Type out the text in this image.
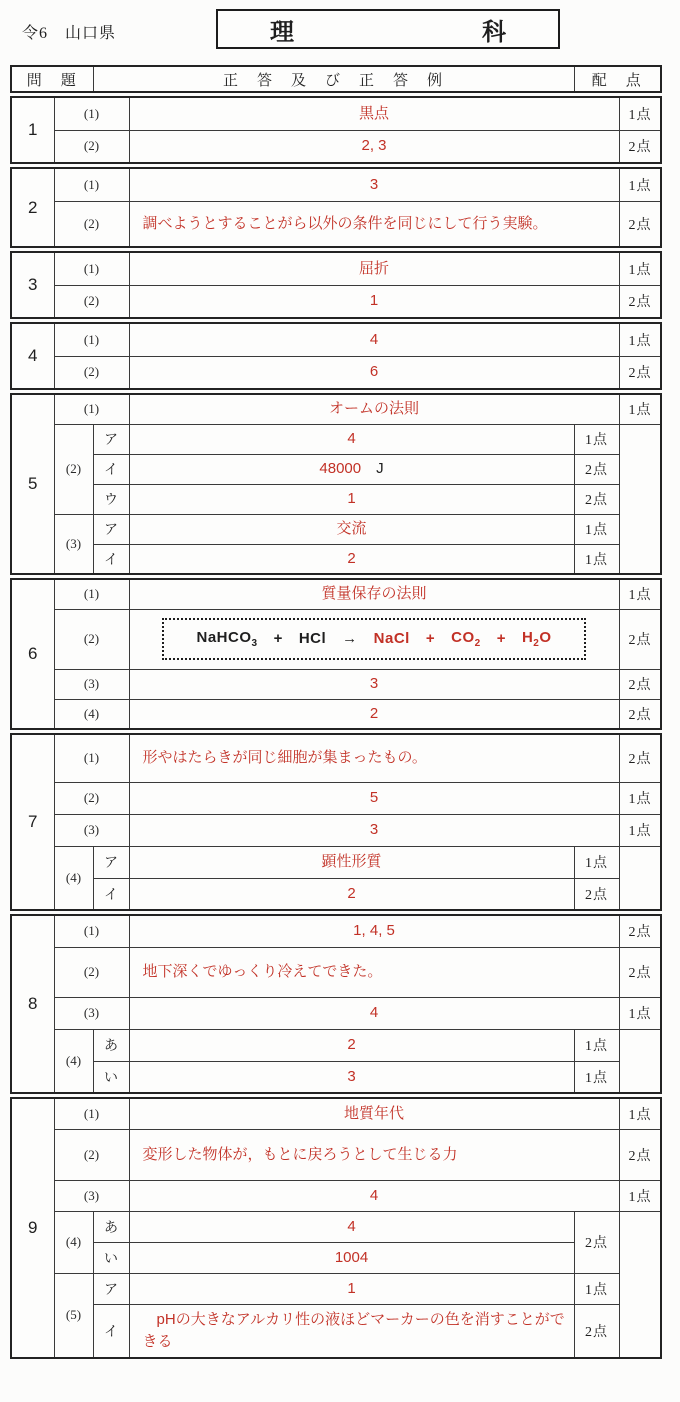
令6　山口県	理	科
問　題	正　答　及　び　正　答　例	配　点
1	(1)	黒点	1点	
	(2)	2, 3	2点	
2	(1)	3	1点	
	(2)	調べようとすることがら以外の条件を同じにして行う実験。	2点	
3	(1)	屈折	1点	
	(2)	1	2点	
4	(1)	4	1点	
	(2)	6	2点	
5	(1)		オームの法則		1点	
	(2)	ア	4	1点		
		イ	48000 J	2点		
		ウ	1	2点		
	(3)	ア	交流	1点		
		イ	2	1点		
6	(1)	質量保存の法則	1点	
(2)	NaHCO$_3$ + HCl → NaCl + $CO_2 + H_2O$	2点
	(3)	3	2点	
	(4)	2	2点	
7	(1)		形やはたらきが同じ細胞が集まったもの。		2点	
	(2)		5		1点	
	(3)		3		1点	
	(4)	ア	顕性形質	1点		
		イ	2	2点		
8	(1)		1, 4, 5		2点	
	(2)		地下深くでゆっくり冷えてできた。		2点	
	(3)		4		1点	
	(4)	あ	2	1点		
		い	3	1点		
9	(1)		地質年代		1点	
	(2)		変形した物体が，もとに戻ろうとして生じる力		2点	
	(3)		4		1点	
	(4)	あ	4	2点		
		い	1004			
	(5)	ア	1	1点		
		イ	pHの大きなアルカリ性の液ほどマーカーの色を消すことができる	2点		
